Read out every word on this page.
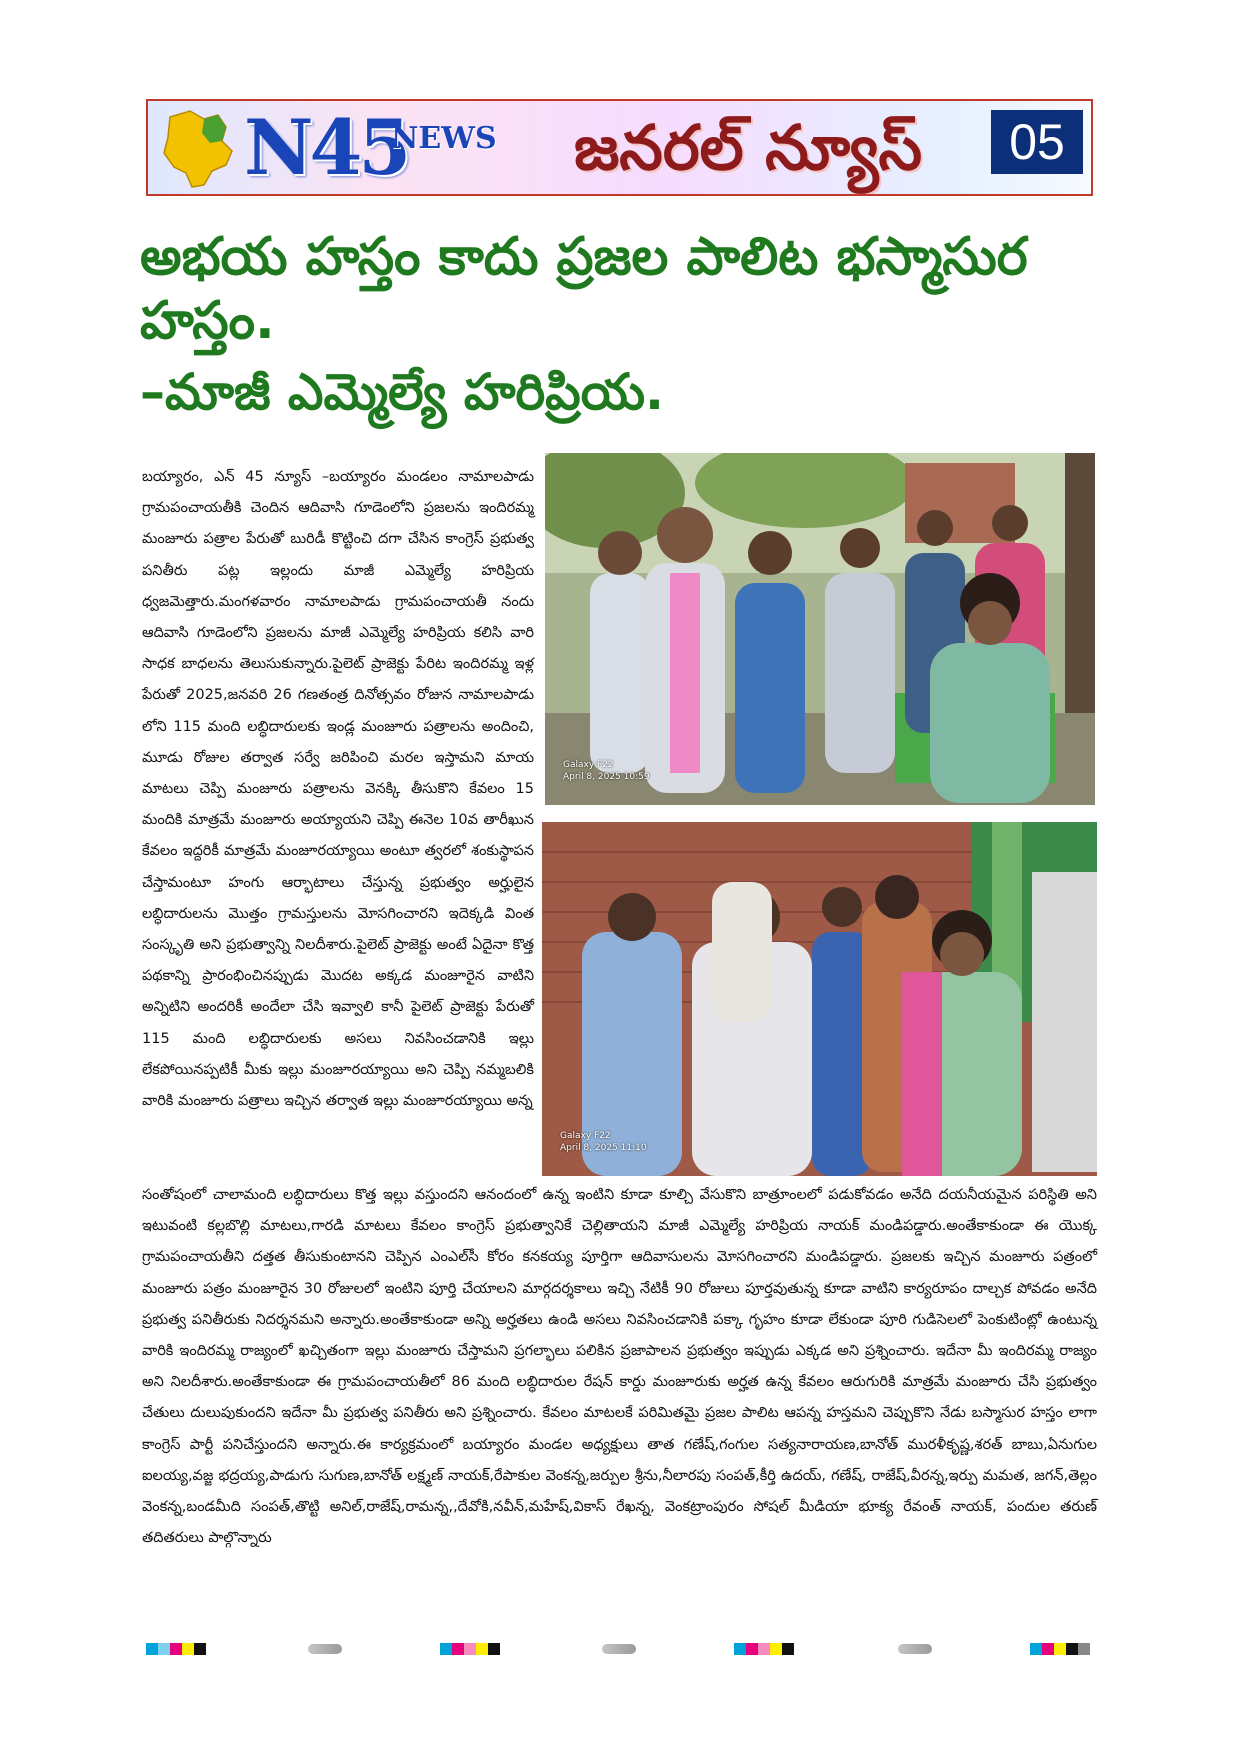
N45
NEWS	జనరల్ న్యూస్	05
అభయ హస్తం కాదు ప్రజల పాలిట భస్మాసుర హస్తం.
–మాజీ ఎమ్మెల్యే హరిప్రియ.
బయ్యారం, ఎన్ 45 న్యూస్ –బయ్యారం మండలం నామాలపాడు గ్రామపంచాయతీకి చెందిన ఆదివాసి గూడెంలోని ప్రజలను ఇందిరమ్మ మంజూరు పత్రాల పేరుతో బురిడీ కొట్టించి దగా చేసిన కాంగ్రెస్ ప్రభుత్వ పనితీరు పట్ల ఇల్లందు మాజీ ఎమ్మెల్యే హరిప్రియ ధ్వజమెత్తారు.మంగళవారం నామాలపాడు గ్రామపంచాయతీ నందు ఆదివాసి గూడెంలోని ప్రజలను మాజీ ఎమ్మెల్యే హరిప్రియ కలిసి వారి సాధక బాధలను తెలుసుకున్నారు.పైలెట్ ప్రాజెక్టు పేరిట ఇందిరమ్మ ఇళ్ల పేరుతో 2025,జనవరి 26 గణతంత్ర దినోత్సవం రోజున నామాలపాడు లోని 115 మంది లబ్ధిదారులకు ఇండ్ల మంజూరు పత్రాలను అందించి, మూడు రోజుల తర్వాత సర్వే జరిపించి మరల ఇస్తామని మాయ మాటలు చెప్పి మంజూరు పత్రాలను వెనక్కి తీసుకొని కేవలం 15 మందికి మాత్రమే మంజూరు అయ్యాయని చెప్పి ఈనెల 10వ తారీఖున కేవలం ఇద్దరికీ మాత్రమే మంజూరయ్యాయి అంటూ త్వరలో శంకుస్థాపన చేస్తామంటూ హంగు ఆర్భాటాలు చేస్తున్న ప్రభుత్వం అర్హులైన లబ్ధిదారులను మొత్తం గ్రామస్తులను మోసగించారని ఇదెక్కడి వింత సంస్కృతి అని ప్రభుత్వాన్ని నిలదీశారు.పైలెట్ ప్రాజెక్టు అంటే ఏదైనా కొత్త పథకాన్ని ప్రారంభించినప్పుడు మొదట అక్కడ మంజూరైన వాటిని అన్నిటిని అందరికీ అందేలా చేసి ఇవ్వాలి కానీ పైలెట్ ప్రాజెక్టు పేరుతో 115 మంది లబ్ధిదారులకు అసలు నివసించడానికి ఇల్లు లేకపోయినప్పటికీ మీకు ఇల్లు మంజూరయ్యాయి అని చెప్పి నమ్మబలికి వారికి మంజూరు పత్రాలు ఇచ్చిన తర్వాత ఇల్లు మంజూరయ్యాయి అన్న
Galaxy F22
April 8, 2025 10:59
Galaxy F22
April 8, 2025 11:10
సంతోషంలో చాలామంది లబ్ధిదారులు కొత్త ఇల్లు వస్తుందని ఆనందంలో ఉన్న ఇంటిని కూడా కూల్చి వేసుకొని బాత్రూంలలో పడుకోవడం అనేది దయనీయమైన పరిస్థితి అని ఇటువంటి కల్లబొల్లి మాటలు,గారడి మాటలు కేవలం కాంగ్రెస్ ప్రభుత్వానికే చెల్లితాయని మాజీ ఎమ్మెల్యే హరిప్రియ నాయక్ మండిపడ్డారు.అంతేకాకుండా ఈ యొక్క గ్రామపంచాయతీని దత్తత తీసుకుంటానని చెప్పిన ఎంఎల్‌సీ కోరం కనకయ్య పూర్తిగా ఆదివాసులను మోసగించారని మండిపడ్డారు. ప్రజలకు ఇచ్చిన మంజూరు పత్రంలో మంజూరు పత్రం మంజూరైన 30 రోజులలో ఇంటిని పూర్తి చేయాలని మార్గదర్శకాలు ఇచ్చి నేటికీ 90 రోజులు పూర్తవుతున్న కూడా వాటిని కార్యరూపం దాల్చక పోవడం అనేది ప్రభుత్వ పనితీరుకు నిదర్శనమని అన్నారు.అంతేకాకుండా అన్ని అర్హతలు ఉండి అసలు నివసించడానికి పక్కా గృహం కూడా లేకుండా పూరి గుడిసెలలో పెంకుటింట్లో ఉంటున్న వారికి ఇందిరమ్మ రాజ్యంలో ఖచ్చితంగా ఇల్లు మంజూరు చేస్తామని ప్రగల్భాలు పలికిన ప్రజాపాలన ప్రభుత్వం ఇప్పుడు ఎక్కడ అని ప్రశ్నించారు. ఇదేనా మీ ఇందిరమ్మ రాజ్యం అని నిలదీశారు.అంతేకాకుండా ఈ గ్రామపంచాయతీలో 86 మంది లబ్ధిదారుల రేషన్ కార్డు మంజూరుకు అర్హత ఉన్న కేవలం ఆరుగురికి మాత్రమే మంజూరు చేసి ప్రభుత్వం చేతులు దులుపుకుందని ఇదేనా మీ ప్రభుత్వ పనితీరు అని ప్రశ్నించారు. కేవలం మాటలకే పరిమితమై ప్రజల పాలిట ఆపన్న హస్తమని చెప్పుకొని నేడు బస్మాసుర హస్తం లాగా కాంగ్రెస్ పార్టీ పనిచేస్తుందని అన్నారు.ఈ కార్యక్రమంలో బయ్యారం మండల అధ్యక్షులు తాత గణేష్,గంగుల సత్యనారాయణ,బానోత్ మురళీకృష్ణ,శరత్ బాబు,ఏనుగుల ఐలయ్య,వజ్జ భద్రయ్య,పాడుగు సుగుణ,బానోత్ లక్ష్మణ్ నాయక్,రేపాకుల వెంకన్న,జర్పుల శ్రీను,నీలారపు సంపత్,కీర్తి ఉదయ్, గణేష్, రాజేష్,వీరన్న,ఇర్పు మమత, జగన్,తెల్లం వెంకన్న,బండమీది సంపత్,తొట్టి అనిల్,రాజేష్,రామన్న,,దేవోకి,నవీన్,మహేష్,వికాస్ రేఖన్న, వెంకట్రాంపురం సోషల్ మీడియా భూక్య రేవంత్ నాయక్, పందుల తరుణ్ తదితరులు పాల్గొన్నారు
